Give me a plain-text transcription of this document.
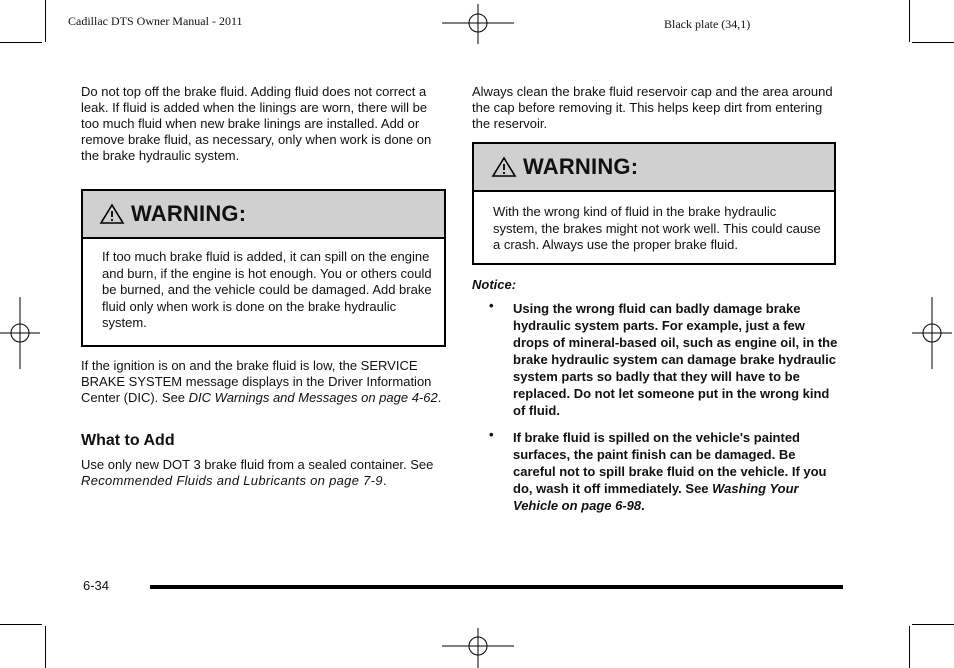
Cadillac DTS Owner Manual - 2011	Black plate (34,1)

Do not top off the brake fluid. Adding fluid does not correct a leak. If fluid is added when the linings are worn, there will be too much fluid when new brake linings are installed. Add or remove brake fluid, as necessary, only when work is done on the brake hydraulic system.

WARNING:

If too much brake fluid is added, it can spill on the engine and burn, if the engine is hot enough. You or others could be burned, and the vehicle could be damaged. Add brake fluid only when work is done on the brake hydraulic system.

If the ignition is on and the brake fluid is low, the SERVICE BRAKE SYSTEM message displays in the Driver Information Center (DIC). See DIC Warnings and Messages on page 4-62.

What to Add

Use only new DOT 3 brake fluid from a sealed container. See Recommended Fluids and Lubricants on page 7-9.

Always clean the brake fluid reservoir cap and the area around the cap before removing it. This helps keep dirt from entering the reservoir.

WARNING:

With the wrong kind of fluid in the brake hydraulic system, the brakes might not work well. This could cause a crash. Always use the proper brake fluid.

Notice:
• Using the wrong fluid can badly damage brake hydraulic system parts. For example, just a few drops of mineral-based oil, such as engine oil, in the brake hydraulic system can damage brake hydraulic system parts so badly that they will have to be replaced. Do not let someone put in the wrong kind of fluid.
• If brake fluid is spilled on the vehicle's painted surfaces, the paint finish can be damaged. Be careful not to spill brake fluid on the vehicle. If you do, wash it off immediately. See Washing Your Vehicle on page 6-98.
6-34
